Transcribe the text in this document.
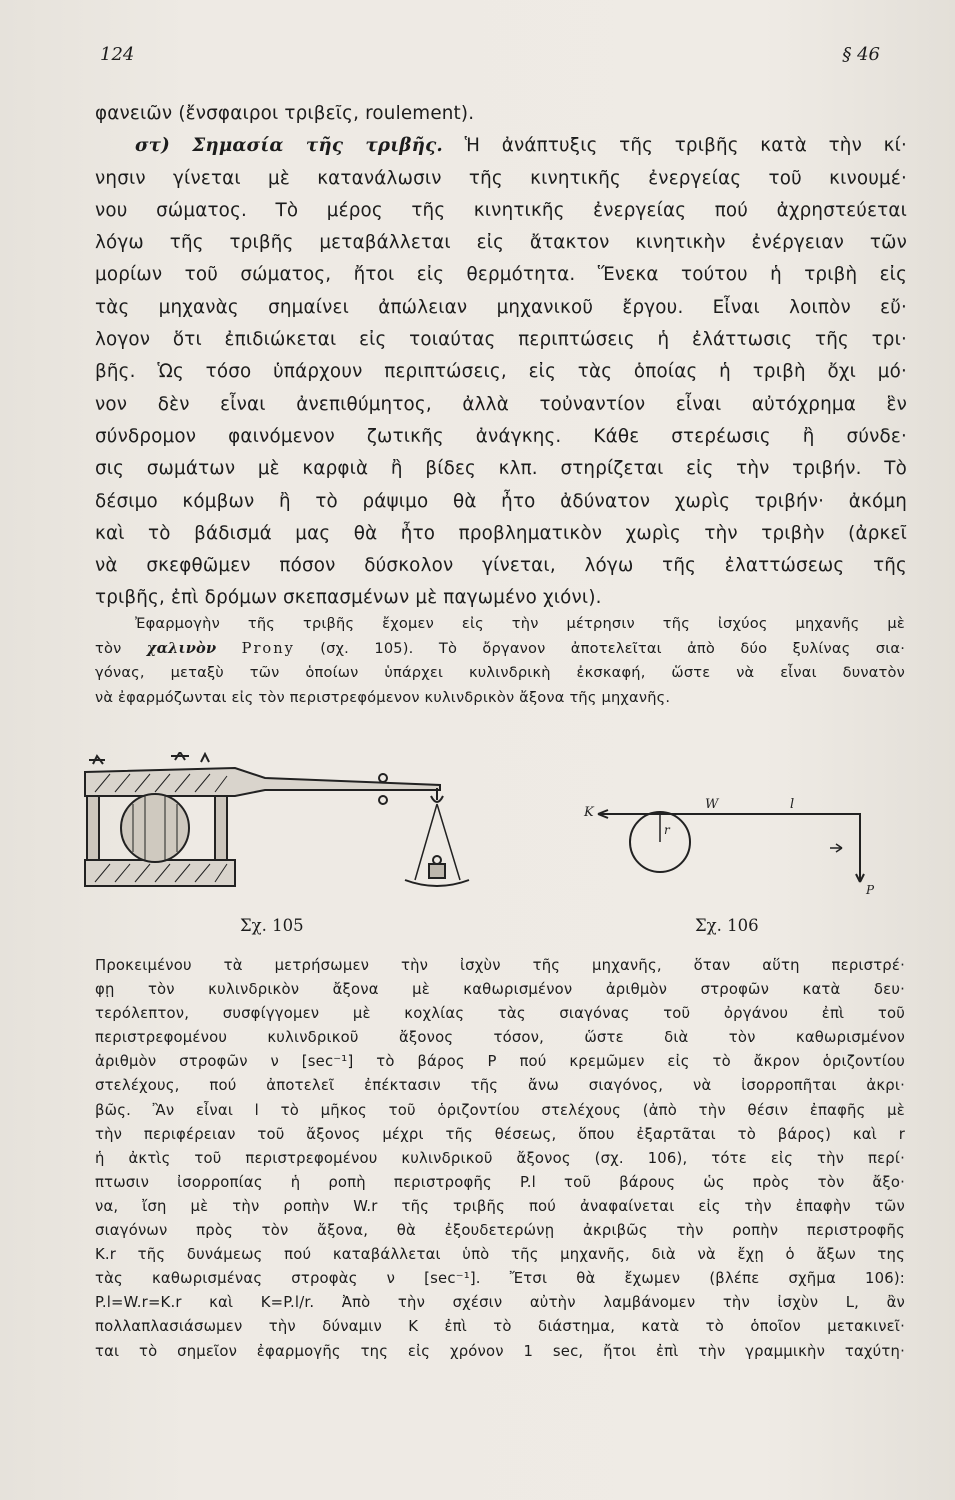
124	§ 46
φανειῶν (ἔνσφαιροι τριβεῖς, roulement).
στ) Σημασία τῆς τριβῆς. Ἡ ἀνάπτυξις τῆς τριβῆς κατὰ τὴν κί·
νησιν γίνεται μὲ κατανάλωσιν τῆς κινητικῆς ἐνεργείας τοῦ κινουμέ·
νου σώματος. Τὸ μέρος τῆς κινητικῆς ἐνεργείας πού ἀχρηστεύεται
λόγω τῆς τριβῆς μεταβάλλεται εἰς ἄτακτον κινητικὴν ἐνέργειαν τῶν
μορίων τοῦ σώματος, ἤτοι εἰς θερμότητα. Ἕνεκα τούτου ἡ τριβὴ εἰς
τὰς μηχανὰς σημαίνει ἀπώλειαν μηχανικοῦ ἔργου. Εἶναι λοιπὸν εὔ·
λογον ὅτι ἐπιδιώκεται εἰς τοιαύτας περιπτώσεις ἡ ἐλάττωσις τῆς τρι·
βῆς. Ὡς τόσο ὑπάρχουν περιπτώσεις, εἰς τὰς ὁποίας ἡ τριβὴ ὄχι μό·
νον δὲν εἶναι ἀνεπιθύμητος, ἀλλὰ τοὐναντίον εἶναι αὐτόχρημα ἓν
σύνδρομον φαινόμενον ζωτικῆς ἀνάγκης. Κάθε στερέωσις ἢ σύνδε·
σις σωμάτων μὲ καρφιὰ ἢ βίδες κλπ. στηρίζεται εἰς τὴν τριβήν. Τὸ
δέσιμο κόμβων ἢ τὸ ράψιμο θὰ ἦτο ἀδύνατον χωρὶς τριβήν· ἀκόμη
καὶ τὸ βάδισμά μας θὰ ἦτο προβληματικὸν χωρὶς τὴν τριβὴν (ἀρκεῖ
νὰ σκεφθῶμεν πόσον δύσκολον γίνεται, λόγω τῆς ἐλαττώσεως τῆς
τριβῆς, ἐπὶ δρόμων σκεπασμένων μὲ παγωμένο χιόνι).
Ἐφαρμογὴν τῆς τριβῆς ἔχομεν εἰς τὴν μέτρησιν τῆς ἰσχύος μηχανῆς μὲ
τὸν χαλινὸν Prony (σχ. 105). Τὸ ὄργανον ἀποτελεῖται ἀπὸ δύο ξυλίνας σια·
γόνας, μεταξὺ τῶν ὁποίων ὑπάρχει κυλινδρικὴ ἐκσκαφή, ὥστε νὰ εἶναι δυνατὸν
νὰ ἐφαρμόζωνται εἰς τὸν περιστρεφόμενον κυλινδρικὸν ἄξονα τῆς μηχανῆς.
Σχ. 105
K
W	l
r
P
Σχ. 106
Προκειμένου τὰ μετρήσωμεν τὴν ἰσχὺν τῆς μηχανῆς, ὅταν αὕτη περιστρέ·
φῃ τὸν κυλινδρικὸν ἄξονα μὲ καθωρισμένον ἀριθμὸν στροφῶν κατὰ δευ·
τερόλεπτον, συσφίγγομεν μὲ κοχλίας τὰς σιαγόνας τοῦ ὀργάνου ἐπὶ τοῦ
περιστρεφομένου κυλινδρικοῦ ἄξονος τόσον, ὥστε διὰ τὸν καθωρισμένον
ἀριθμὸν στροφῶν ν [sec⁻¹] τὸ βάρος P πού κρεμῶμεν εἰς τὸ ἄκρον ὁριζοντίου
στελέχους, πού ἀποτελεῖ ἐπέκτασιν τῆς ἄνω σιαγόνος, νὰ ἰσορροπῆται ἀκρι·
βῶς. Ἂν εἶναι l τὸ μῆκος τοῦ ὁριζοντίου στελέχους (ἀπὸ τὴν θέσιν ἐπαφῆς μὲ
τὴν περιφέρειαν τοῦ ἄξονος μέχρι τῆς θέσεως, ὅπου ἐξαρτᾶται τὸ βάρος) καὶ r
ἡ ἀκτὶς τοῦ περιστρεφομένου κυλινδρικοῦ ἄξονος (σχ. 106), τότε εἰς τὴν περί·
πτωσιν ἰσορροπίας ἡ ροπὴ περιστροφῆς P.l τοῦ βάρους ὡς πρὸς τὸν ἄξο·
να, ἴση μὲ τὴν ροπὴν W.r τῆς τριβῆς πού ἀναφαίνεται εἰς τὴν ἐπαφὴν τῶν
σιαγόνων πρὸς τὸν ἄξονα, θὰ ἐξουδετερώνῃ ἀκριβῶς τὴν ροπὴν περιστροφῆς
K.r τῆς δυνάμεως πού καταβάλλεται ὑπὸ τῆς μηχανῆς, διὰ νὰ ἔχῃ ὁ ἄξων της
τὰς καθωρισμένας στροφὰς ν [sec⁻¹]. Ἔτσι θὰ ἔχωμεν (βλέπε σχῆμα 106):
P.l=W.r=K.r καὶ K=P.l/r. Ἀπὸ τὴν σχέσιν αὐτὴν λαμβάνομεν τὴν ἰσχὺν L, ἂν
πολλαπλασιάσωμεν τὴν δύναμιν K ἐπὶ τὸ διάστημα, κατὰ τὸ ὁποῖον μετακινεῖ·
ται τὸ σημεῖον ἐφαρμογῆς της εἰς χρόνον 1 sec, ἤτοι ἐπὶ τὴν γραμμικὴν ταχύτη·
